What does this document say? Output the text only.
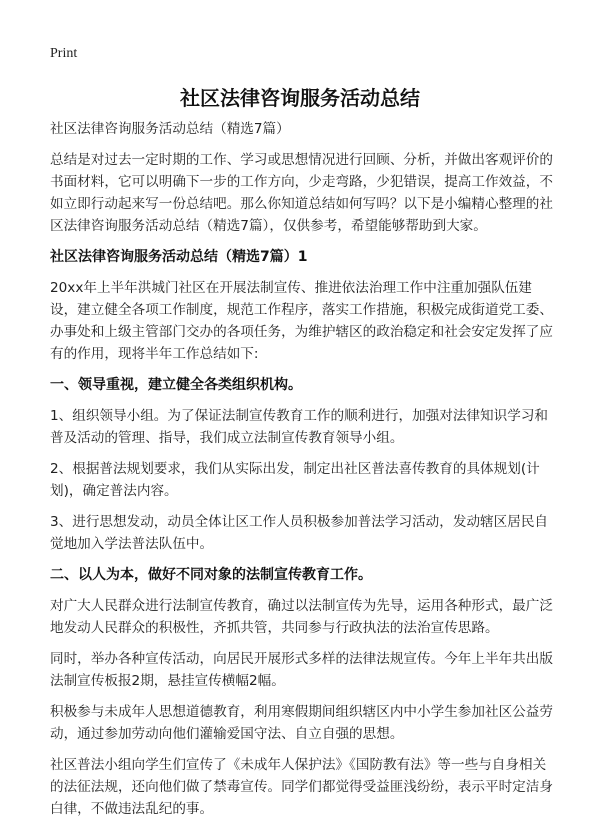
Print
社区法律咨询服务活动总结

社区法律咨询服务活动总结（精选7篇）

总结是对过去一定时期的工作、学习或思想情况进行回顾、分析，并做出客观评价的书面材料，它可以明确下一步的工作方向，少走弯路，少犯错误，提高工作效益，不如立即行动起来写一份总结吧。那么你知道总结如何写吗？以下是小编精心整理的社区法律咨询服务活动总结（精选7篇），仅供参考，希望能够帮助到大家。

社区法律咨询服务活动总结（精选7篇）1

20xx年上半年洪城门社区在开展法制宣传、推进依法治理工作中注重加强队伍建设，建立健全各项工作制度，规范工作程序，落实工作措施，积极完成街道党工委、办事处和上级主管部门交办的各项任务，为维护辖区的政治稳定和社会安定发挥了应有的作用，现将半年工作总结如下:

一、领导重视，建立健全各类组织机构。

1、组织领导小组。为了保证法制宣传教育工作的顺利进行，加强对法律知识学习和普及活动的管理、指导，我们成立法制宣传教育领导小组。

2、根据普法规划要求，我们从实际出发，制定出社区普法喜传教育的具体规划(计划)，确定普法内容。

3、进行思想发动，动员全体让区工作人员积极参加普法学习活动，发动辖区居民自觉地加入学法普法队伍中。

二、以人为本，做好不同对象的法制宣传教育工作。

对广大人民群众进行法制宣传教育，确过以法制宣传为先导，运用各种形式，最广泛地发动人民群众的积极性，齐抓共管，共同参与行政执法的法治宣传思路。

同时，举办各种宣传活动，向居民开展形式多样的法律法规宣传。今年上半年共出版法制宣传板报2期，悬挂宣传横幅2幅。

积极参与未成年人思想道德教育，利用寒假期间组织辖区内中小学生参加社区公益劳动，通过参加劳动向他们灌输爱国守法、自立自强的思想。

社区普法小组向学生们宣传了《未成年人保护法》《国防教有法》等一些与自身相关的法征法规，还向他们做了禁毒宣传。同学们都觉得受益匪浅纷纷，表示平时定洁身白律，不做违法乱纪的事。
